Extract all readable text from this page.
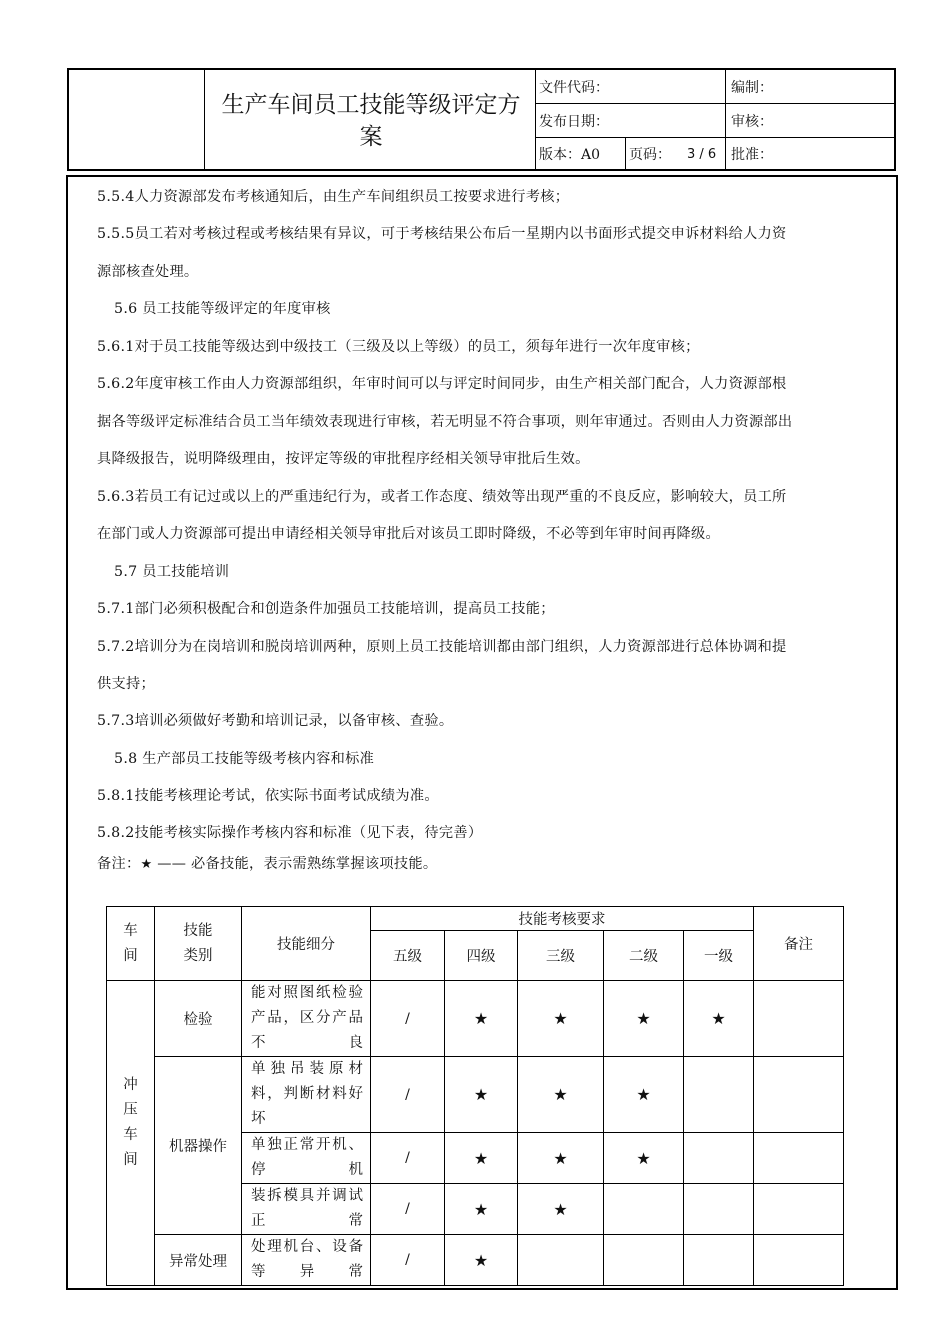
生产车间员工技能等级评定方案
文件代码：	编制：
发布日期：	审核：
版本：A0 页码： 3 / 6 批准：
5.5.4人力资源部发布考核通知后，由生产车间组织员工按要求进行考核；
5.5.5员工若对考核过程或考核结果有异议，可于考核结果公布后一星期内以书面形式提交申诉材料给人力资
源部核查处理。
5.6 员工技能等级评定的年度审核
5.6.1对于员工技能等级达到中级技工（三级及以上等级）的员工，须每年进行一次年度审核；
5.6.2年度审核工作由人力资源部组织，年审时间可以与评定时间同步，由生产相关部门配合，人力资源部根
据各等级评定标准结合员工当年绩效表现进行审核，若无明显不符合事项，则年审通过。否则由人力资源部出
具降级报告，说明降级理由，按评定等级的审批程序经相关领导审批后生效。
5.6.3若员工有记过或以上的严重违纪行为，或者工作态度、绩效等出现严重的不良反应，影响较大，员工所
在部门或人力资源部可提出申请经相关领导审批后对该员工即时降级，不必等到年审时间再降级。
5.7 员工技能培训
5.7.1部门必须积极配合和创造条件加强员工技能培训，提高员工技能；
5.7.2培训分为在岗培训和脱岗培训两种，原则上员工技能培训都由部门组织，人力资源部进行总体协调和提
供支持；
5.7.3培训必须做好考勤和培训记录，以备审核、查验。
5.8 生产部员工技能等级考核内容和标准
5.8.1技能考核理论考试，依实际书面考试成绩为准。
5.8.2技能考核实际操作考核内容和标准（见下表，待完善）
备注：★ —— 必备技能，表示需熟练掌握该项技能。
车间	技能类别	技能细分	技能考核要求					备注
			五级	四级	三级	二级	一级	
冲压车间	检验	能对照图纸检验产品，区分产品不良	/	★	★	★	★	
	机器操作	单独吊装原材料，判断材料好坏	/	★	★	★		
		单独正常开机、停机	/	★	★	★		
		装拆模具并调试正常	/	★	★			
	异常处理	处理机台、设备等异常	/	★				
